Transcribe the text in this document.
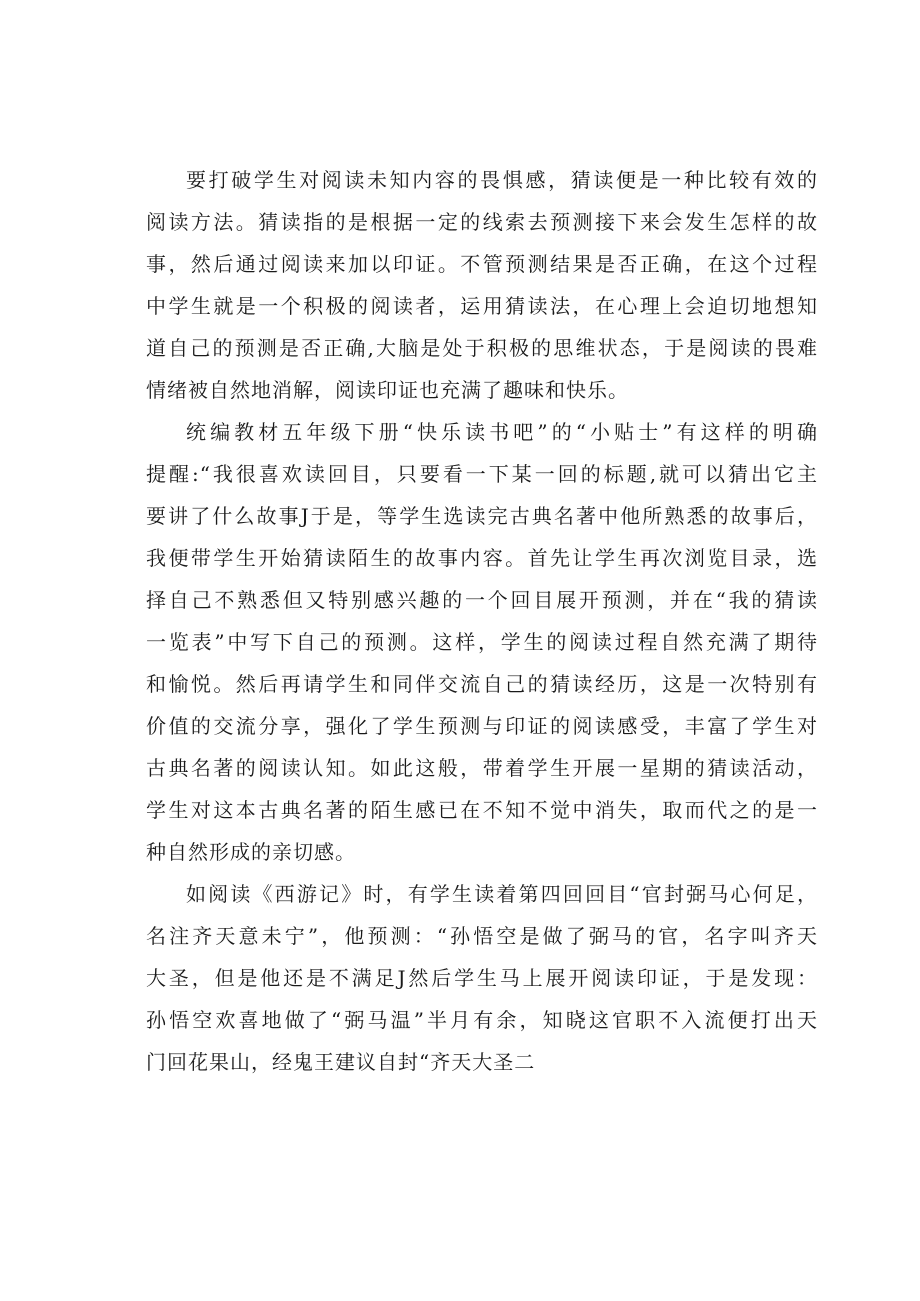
要打破学生对阅读未知内容的畏惧感，猜读便是一种比较有效的
阅读方法。猜读指的是根据一定的线索去预测接下来会发生怎样的故
事，然后通过阅读来加以印证。不管预测结果是否正确，在这个过程
中学生就是一个积极的阅读者，运用猜读法，在心理上会迫切地想知
道自己的预测是否正确,大脑是处于积极的思维状态，于是阅读的畏难
情绪被自然地消解，阅读印证也充满了趣味和快乐。
统编教材五年级下册“快乐读书吧”的“小贴士”有这样的明确
提醒:“我很喜欢读回目，只要看一下某一回的标题,就可以猜出它主
要讲了什么故事J于是，等学生选读完古典名著中他所熟悉的故事后，
我便带学生开始猜读陌生的故事内容。首先让学生再次浏览目录，选
择自己不熟悉但又特别感兴趣的一个回目展开预测，并在“我的猜读
一览表”中写下自己的预测。这样，学生的阅读过程自然充满了期待
和愉悦。然后再请学生和同伴交流自己的猜读经历，这是一次特别有
价值的交流分享，强化了学生预测与印证的阅读感受，丰富了学生对
古典名著的阅读认知。如此这般，带着学生开展一星期的猜读活动，
学生对这本古典名著的陌生感已在不知不觉中消失，取而代之的是一
种自然形成的亲切感。
如阅读《西游记》时，有学生读着第四回回目“官封弼马心何足，
名注齐天意未宁”，他预测：“孙悟空是做了弼马的官，名字叫齐天
大圣，但是他还是不满足J然后学生马上展开阅读印证，于是发现：
孙悟空欢喜地做了“弼马温”半月有余，知晓这官职不入流便打出天
门回花果山，经鬼王建议自封“齐天大圣二
